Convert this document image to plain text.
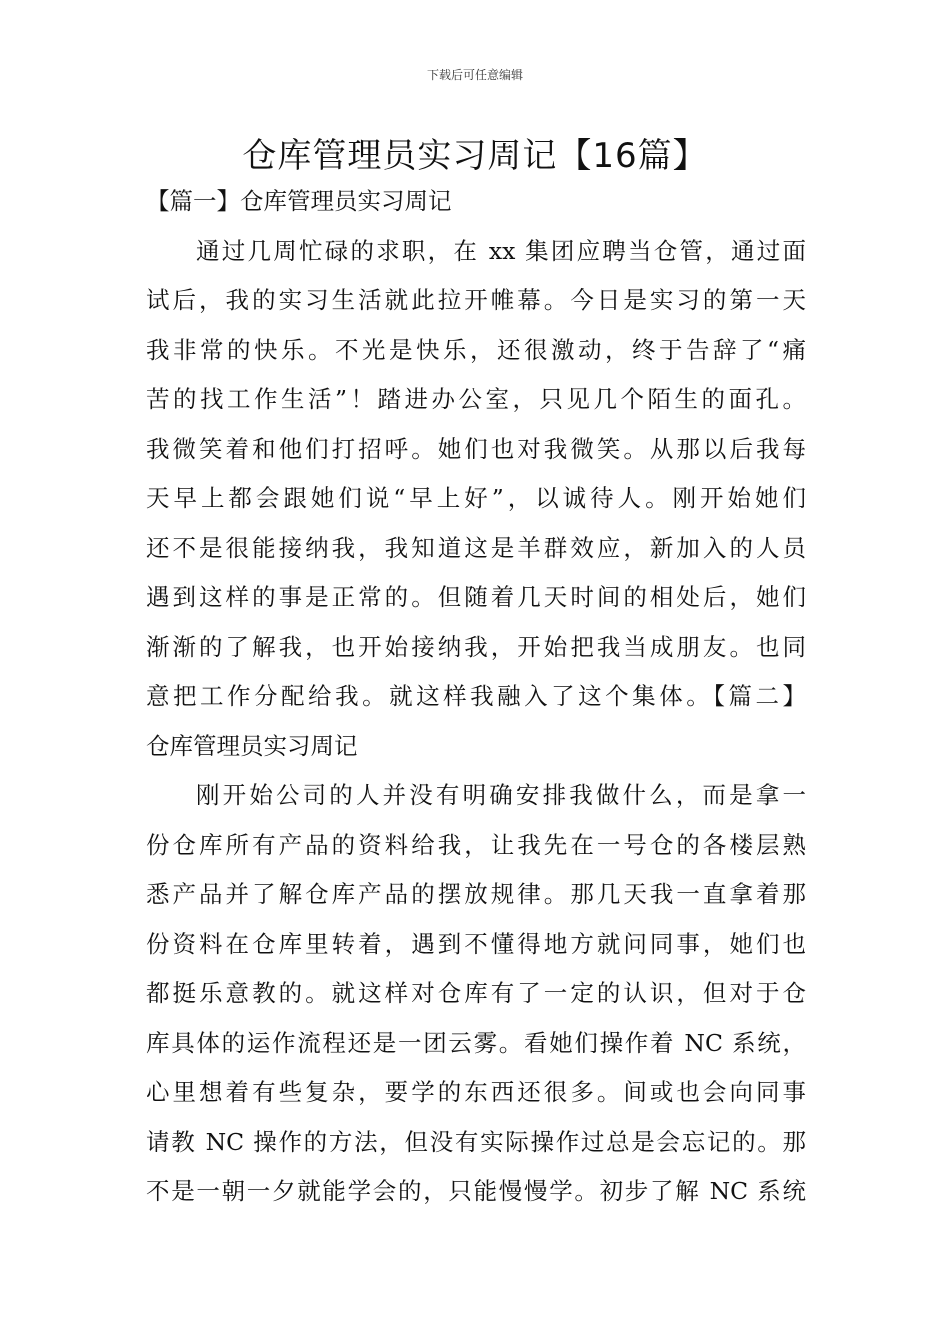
下载后可任意编辑
仓库管理员实习周记【16篇】
【篇一】仓库管理员实习周记
通过几周忙碌的求职，在 xx 集团应聘当仓管，通过面
试后，我的实习生活就此拉开帷幕。今日是实习的第一天
我非常的快乐。不光是快乐，还很激动，终于告辞了“痛
苦的找工作生活”！踏进办公室，只见几个陌生的面孔。
我微笑着和他们打招呼。她们也对我微笑。从那以后我每
天早上都会跟她们说“早上好”，以诚待人。刚开始她们
还不是很能接纳我，我知道这是羊群效应，新加入的人员
遇到这样的事是正常的。但随着几天时间的相处后，她们
渐渐的了解我，也开始接纳我，开始把我当成朋友。也同
意把工作分配给我。就这样我融入了这个集体。【篇二】
仓库管理员实习周记
刚开始公司的人并没有明确安排我做什么，而是拿一
份仓库所有产品的资料给我，让我先在一号仓的各楼层熟
悉产品并了解仓库产品的摆放规律。那几天我一直拿着那
份资料在仓库里转着，遇到不懂得地方就问同事，她们也
都挺乐意教的。就这样对仓库有了一定的认识，但对于仓
库具体的运作流程还是一团云雾。看她们操作着 NC 系统，
心里想着有些复杂，要学的东西还很多。间或也会向同事
请教 NC 操作的方法，但没有实际操作过总是会忘记的。那
不是一朝一夕就能学会的，只能慢慢学。初步了解 NC 系统
